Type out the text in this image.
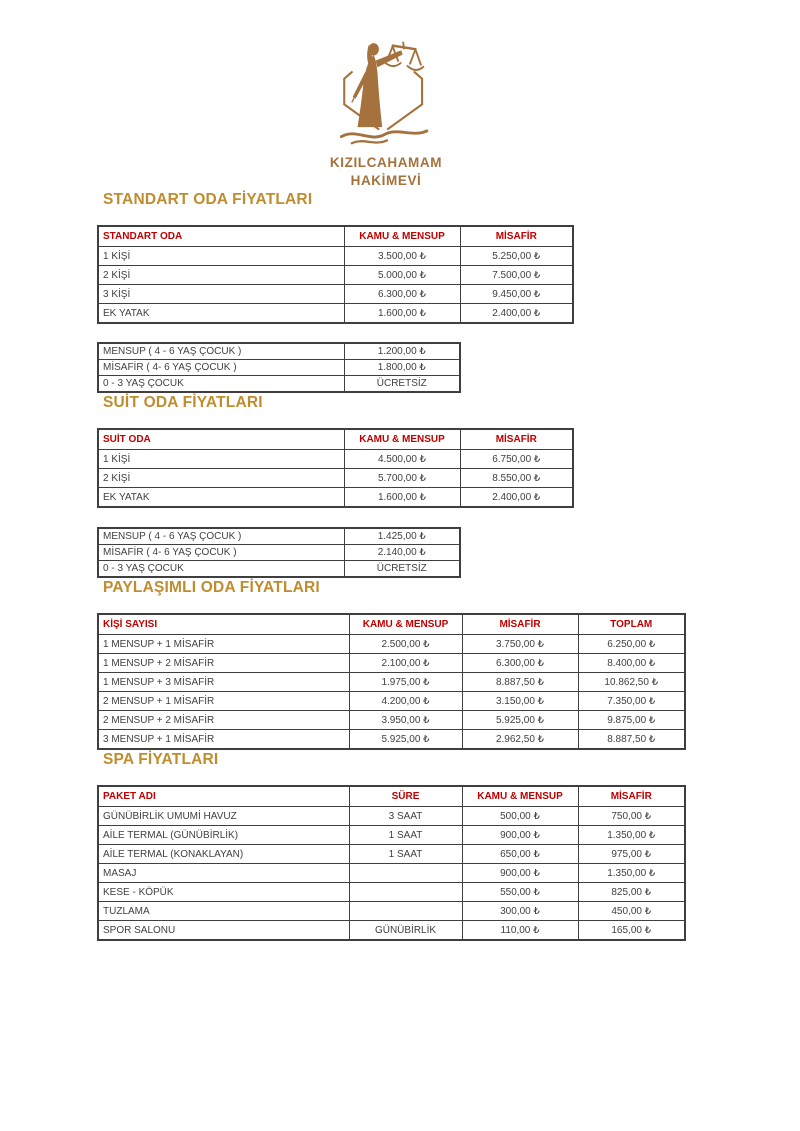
KIZILCAHAMAM
HAKİMEVİ
STANDART ODA FİYATLARI
STANDART ODA	KAMU & MENSUP	MİSAFİR
1 KİŞİ	3.500,00 ₺	5.250,00 ₺
2 KİŞİ	5.000,00 ₺	7.500,00 ₺
3 KİŞİ	6.300,00 ₺	9.450,00 ₺
EK YATAK	1.600,00 ₺	2.400,00 ₺
MENSUP ( 4 - 6 YAŞ ÇOCUK )	1.200,00 ₺
MİSAFİR ( 4- 6 YAŞ ÇOCUK )	1.800,00 ₺
0 - 3 YAŞ ÇOCUK	ÜCRETSİZ
SUİT ODA FİYATLARI
SUİT ODA	KAMU & MENSUP	MİSAFİR
1 KİŞİ	4.500,00 ₺	6.750,00 ₺
2 KİŞİ	5.700,00 ₺	8.550,00 ₺
EK YATAK	1.600,00 ₺	2.400,00 ₺
MENSUP ( 4 - 6 YAŞ ÇOCUK )	1.425,00 ₺
MİSAFİR ( 4- 6 YAŞ ÇOCUK )	2.140,00 ₺
0 - 3 YAŞ ÇOCUK	ÜCRETSİZ
PAYLAŞIMLI ODA FİYATLARI
KİŞİ SAYISI	KAMU & MENSUP	MİSAFİR	TOPLAM
1 MENSUP + 1 MİSAFİR	2.500,00 ₺	3.750,00 ₺	6.250,00 ₺
1 MENSUP + 2 MİSAFİR	2.100,00 ₺	6.300,00 ₺	8.400,00 ₺
1 MENSUP + 3 MİSAFİR	1.975,00 ₺	8.887,50 ₺	10.862,50 ₺
2 MENSUP + 1 MİSAFİR	4.200,00 ₺	3.150,00 ₺	7.350,00 ₺
2 MENSUP + 2 MİSAFİR	3.950,00 ₺	5.925,00 ₺	9.875,00 ₺
3 MENSUP + 1 MİSAFİR	5.925,00 ₺	2.962,50 ₺	8.887,50 ₺
SPA FİYATLARI
PAKET ADI	SÜRE	KAMU & MENSUP	MİSAFİR
GÜNÜBİRLİK UMUMİ HAVUZ	3 SAAT	500,00 ₺	750,00 ₺
AİLE TERMAL (GÜNÜBİRLİK)	1 SAAT	900,00 ₺	1.350,00 ₺
AİLE TERMAL (KONAKLAYAN)	1 SAAT	650,00 ₺	975,00 ₺
MASAJ		900,00 ₺	1.350,00 ₺
KESE - KÖPÜK		550,00 ₺	825,00 ₺
TUZLAMA		300,00 ₺	450,00 ₺
SPOR SALONU	GÜNÜBİRLİK	110,00 ₺	165,00 ₺
